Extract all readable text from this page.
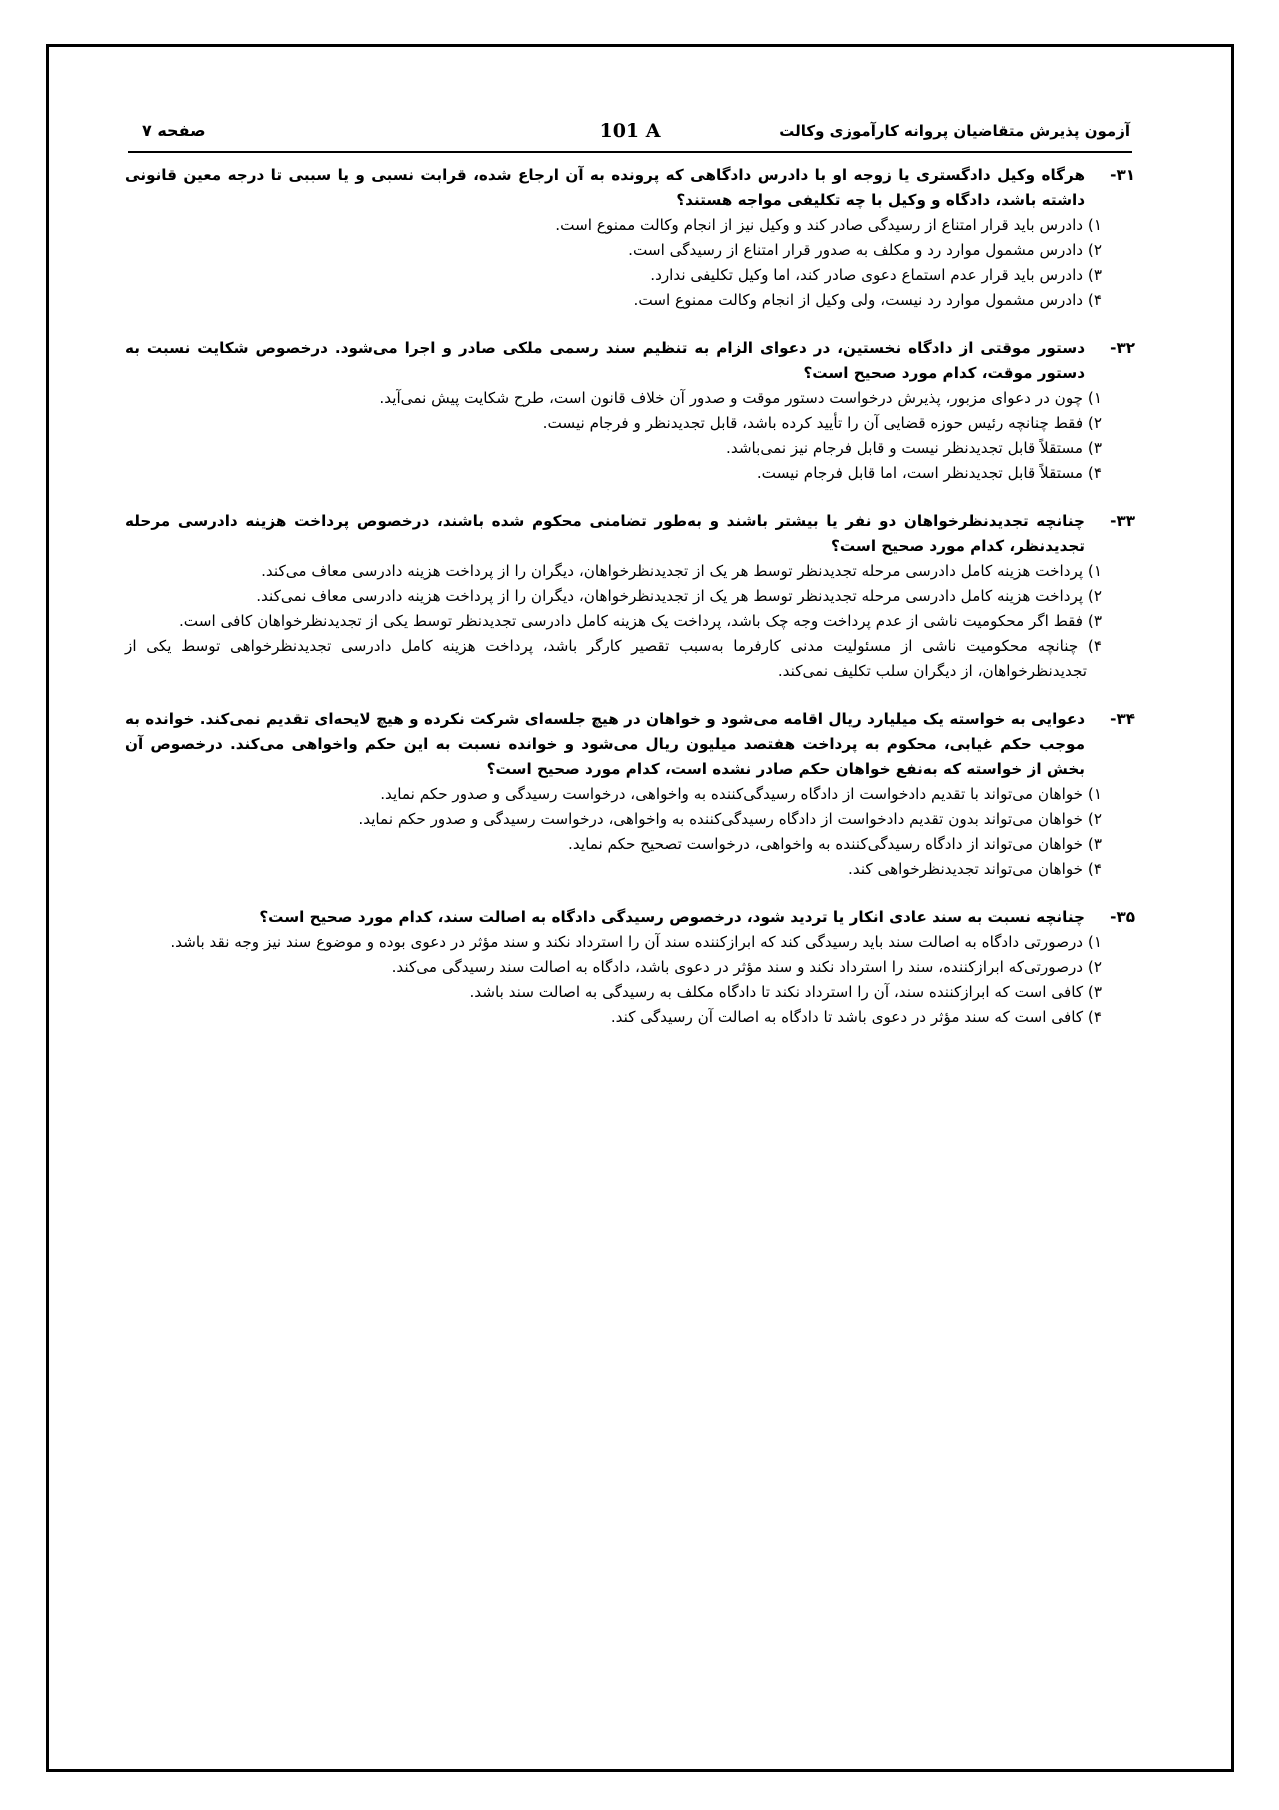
آزمون پذیرش متقاضیان پروانه کارآموزی وکالت
101 A
صفحه ۷
۳۱-
هرگاه وکیل دادگستری یا زوجه او با دادرس دادگاهی که پرونده به آن ارجاع شده، قرابت نسبی و یا سببی تا درجه معین قانونی داشته باشد، دادگاه و وکیل با چه تکلیفی مواجه هستند؟
۱) دادرس باید قرار امتناع از رسیدگی صادر کند و وکیل نیز از انجام وکالت ممنوع است.
۲) دادرس مشمول موارد رد و مکلف به صدور قرار امتناع از رسیدگی است.
۳) دادرس باید قرار عدم استماع دعوی صادر کند، اما وکیل تکلیفی ندارد.
۴) دادرس مشمول موارد رد نیست، ولی وکیل از انجام وکالت ممنوع است.
۳۲-
دستور موقتی از دادگاه نخستین، در دعوای الزام به تنظیم سند رسمی ملکی صادر و اجرا می‌شود. درخصوص شکایت نسبت به دستور موقت، کدام مورد صحیح است؟
۱) چون در دعوای مزبور، پذیرش درخواست دستور موقت و صدور آن خلاف قانون است، طرح شکایت پیش نمی‌آید.
۲) فقط چنانچه رئیس حوزه قضایی آن را تأیید کرده باشد، قابل تجدیدنظر و فرجام نیست.
۳) مستقلاً قابل تجدیدنظر نیست و قابل فرجام نیز نمی‌باشد.
۴) مستقلاً قابل تجدیدنظر است، اما قابل فرجام نیست.
۳۳-
چنانچه تجدیدنظرخواهان دو نفر یا بیشتر باشند و به‌طور تضامنی محکوم شده باشند، درخصوص پرداخت هزینه دادرسی مرحله تجدیدنظر، کدام مورد صحیح است؟
۱) پرداخت هزینه کامل دادرسی مرحله تجدیدنظر توسط هر یک از تجدیدنظرخواهان، دیگران را از پرداخت هزینه دادرسی معاف می‌کند.
۲) پرداخت هزینه کامل دادرسی مرحله تجدیدنظر توسط هر یک از تجدیدنظرخواهان، دیگران را از پرداخت هزینه دادرسی معاف نمی‌کند.
۳) فقط اگر محکومیت ناشی از عدم پرداخت وجه چک باشد، پرداخت یک هزینه کامل دادرسی تجدیدنظر توسط یکی از تجدیدنظرخواهان کافی است.
۴) چنانچه محکومیت ناشی از مسئولیت مدنی کارفرما به‌سبب تقصیر کارگر باشد، پرداخت هزینه کامل دادرسی تجدیدنظرخواهی توسط یکی از تجدیدنظرخواهان، از دیگران سلب تکلیف نمی‌کند.
۳۴-
دعوایی به خواسته یک میلیارد ریال اقامه می‌شود و خواهان در هیچ جلسه‌ای شرکت نکرده و هیچ لایحه‌ای تقدیم نمی‌کند. خوانده به موجب حکم غیابی، محکوم به پرداخت هفتصد میلیون ریال می‌شود و خوانده نسبت به این حکم واخواهی می‌کند. درخصوص آن بخش از خواسته که به‌نفع خواهان حکم صادر نشده است، کدام مورد صحیح است؟
۱) خواهان می‌تواند با تقدیم دادخواست از دادگاه رسیدگی‌کننده به واخواهی، درخواست رسیدگی و صدور حکم نماید.
۲) خواهان می‌تواند بدون تقدیم دادخواست از دادگاه رسیدگی‌کننده به واخواهی، درخواست رسیدگی و صدور حکم نماید.
۳) خواهان می‌تواند از دادگاه رسیدگی‌کننده به واخواهی، درخواست تصحیح حکم نماید.
۴) خواهان می‌تواند تجدیدنظرخواهی کند.
۳۵-
چنانچه نسبت به سند عادی انکار یا تردید شود، درخصوص رسیدگی دادگاه به اصالت سند، کدام مورد صحیح است؟
۱) درصورتی دادگاه به اصالت سند باید رسیدگی کند که ابرازکننده سند آن را استرداد نکند و سند مؤثر در دعوی بوده و موضوع سند نیز وجه نقد باشد.
۲) درصورتی‌که ابرازکننده، سند را استرداد نکند و سند مؤثر در دعوی باشد، دادگاه به اصالت سند رسیدگی می‌کند.
۳) کافی است که ابرازکننده سند، آن را استرداد نکند تا دادگاه مکلف به رسیدگی به اصالت سند باشد.
۴) کافی است که سند مؤثر در دعوی باشد تا دادگاه به اصالت آن رسیدگی کند.
